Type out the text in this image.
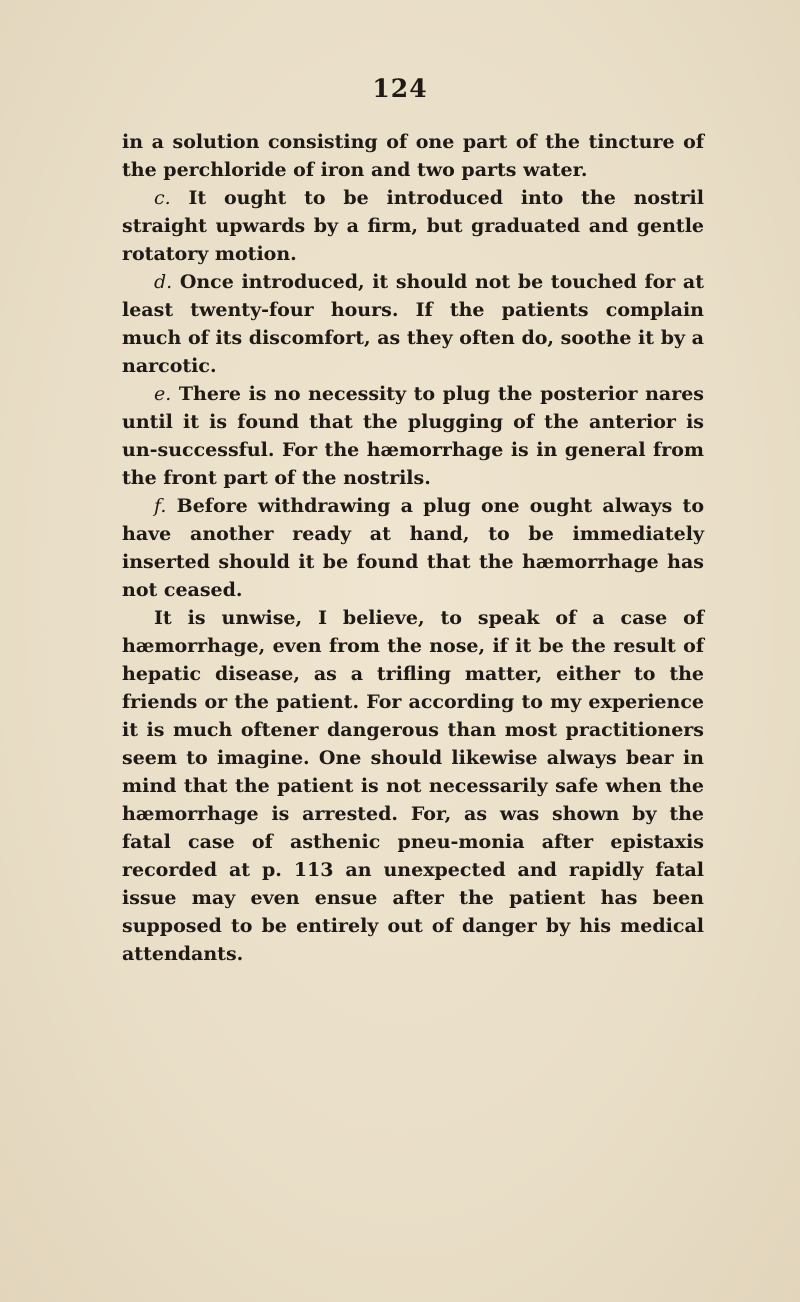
124

in a solution consisting of one part of the tincture of the perchloride of iron and two parts water.

c. It ought to be introduced into the nostril straight upwards by a firm, but graduated and gentle rotatory motion.

d. Once introduced, it should not be touched for at least twenty-four hours. If the patients complain much of its discomfort, as they often do, soothe it by a narcotic.

e. There is no necessity to plug the posterior nares until it is found that the plugging of the anterior is un-successful. For the hæmorrhage is in general from the front part of the nostrils.

f. Before withdrawing a plug one ought always to have another ready at hand, to be immediately inserted should it be found that the hæmorrhage has not ceased.

It is unwise, I believe, to speak of a case of hæmorrhage, even from the nose, if it be the result of hepatic disease, as a trifling matter, either to the friends or the patient. For according to my experience it is much oftener dangerous than most practitioners seem to imagine. One should likewise always bear in mind that the patient is not necessarily safe when the hæmorrhage is arrested. For, as was shown by the fatal case of asthenic pneu-monia after epistaxis recorded at p. 113 an unexpected and rapidly fatal issue may even ensue after the patient has been supposed to be entirely out of danger by his medical attendants.
